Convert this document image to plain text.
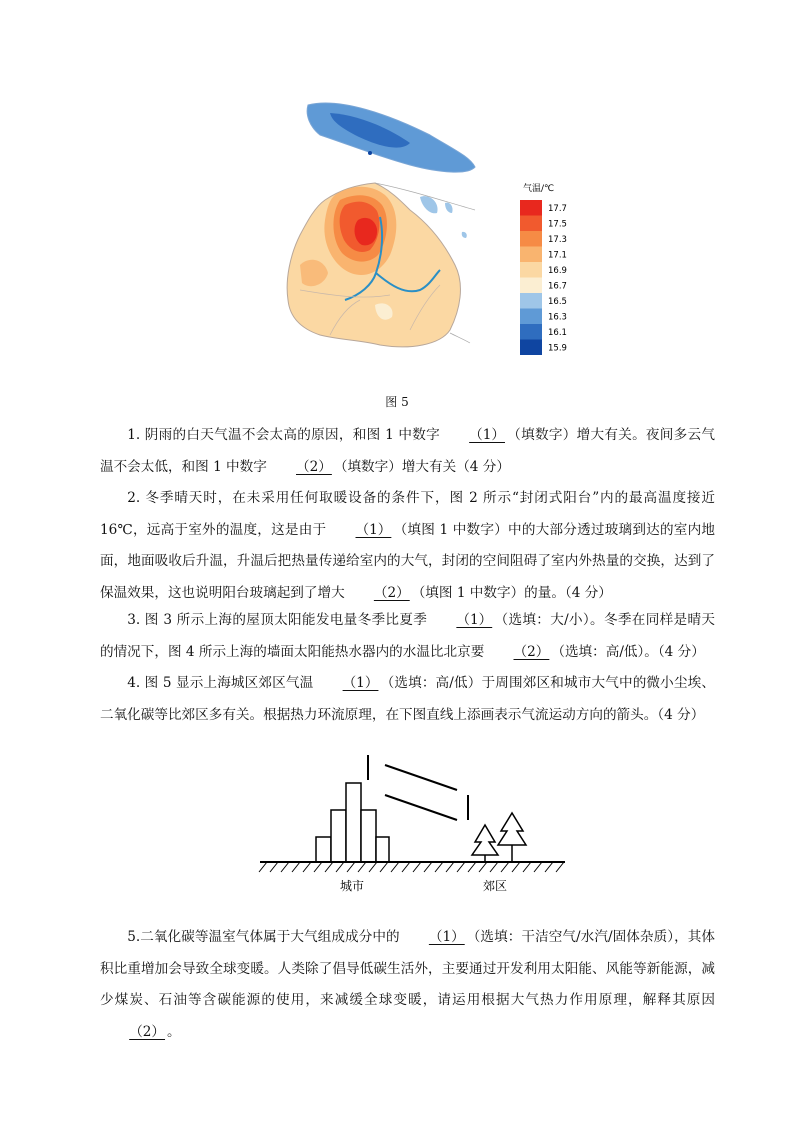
气温/℃
17.7
17.5
17.3
17.1
16.9
16.7
16.5
16.3
16.1
15.9
图 5

1. 阴雨的白天气温不会太高的原因，和图 1 中数字 （1） （填数字）增大有关。夜间多云气温不会太低，和图 1 中数字 （2） （填数字）增大有关（4 分）

2. 冬季晴天时，在未采用任何取暖设备的条件下，图 2 所示“封闭式阳台”内的最高温度接近 16℃，远高于室外的温度，这是由于 （1） （填图 1 中数字）中的大部分透过玻璃到达的室内地面，地面吸收后升温，升温后把热量传递给室内的大气，封闭的空间阻碍了室内外热量的交换，达到了保温效果，这也说明阳台玻璃起到了增大 （2） （填图 1 中数字）的量。（4 分）

3. 图 3 所示上海的屋顶太阳能发电量冬季比夏季 （1） （选填：大/小）。冬季在同样是晴天的情况下，图 4 所示上海的墙面太阳能热水器内的水温比北京要 （2） （选填：高/低）。（4 分）

4. 图 5 显示上海城区郊区气温 （1） （选填：高/低）于周围郊区和城市大气中的微小尘埃、二氧化碳等比郊区多有关。根据热力环流原理，在下图直线上添画表示气流运动方向的箭头。（4 分）

城市	郊区

5.二氧化碳等温室气体属于大气组成成分中的 （1） （选填：干洁空气/水汽/固体杂质），其体积比重增加会导致全球变暖。人类除了倡导低碳生活外，主要通过开发利用太阳能、风能等新能源，减少煤炭、石油等含碳能源的使用，来减缓全球变暖，请运用根据大气热力作用原理，解释其原因（2） 。
